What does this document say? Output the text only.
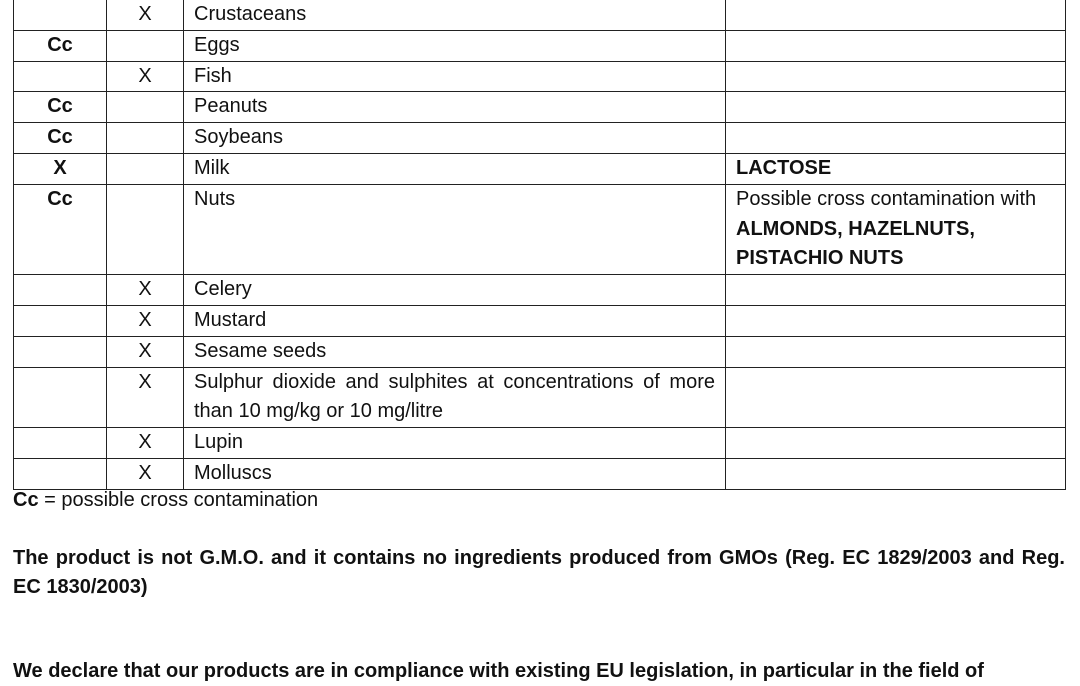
	X	Crustaceans	
Cc		Eggs	
	X	Fish	
Cc		Peanuts	
Cc		Soybeans	
X		Milk	LACTOSE
Cc		Nuts	Possible cross contamination with ALMONDS, HAZELNUTS, PISTACHIO NUTS
	X	Celery	
	X	Mustard	
	X	Sesame seeds	
	X	Sulphur dioxide and sulphites at concentrations of more than 10 mg/kg or 10 mg/litre	
	X	Lupin	
	X	Molluscs	
Cc = possible cross contamination
The product is not G.M.O. and it contains no ingredients produced from GMOs (Reg. EC 1829/2003 and Reg. EC 1830/2003)
We declare that our products are in compliance with existing EU legislation, in particular in the field of
